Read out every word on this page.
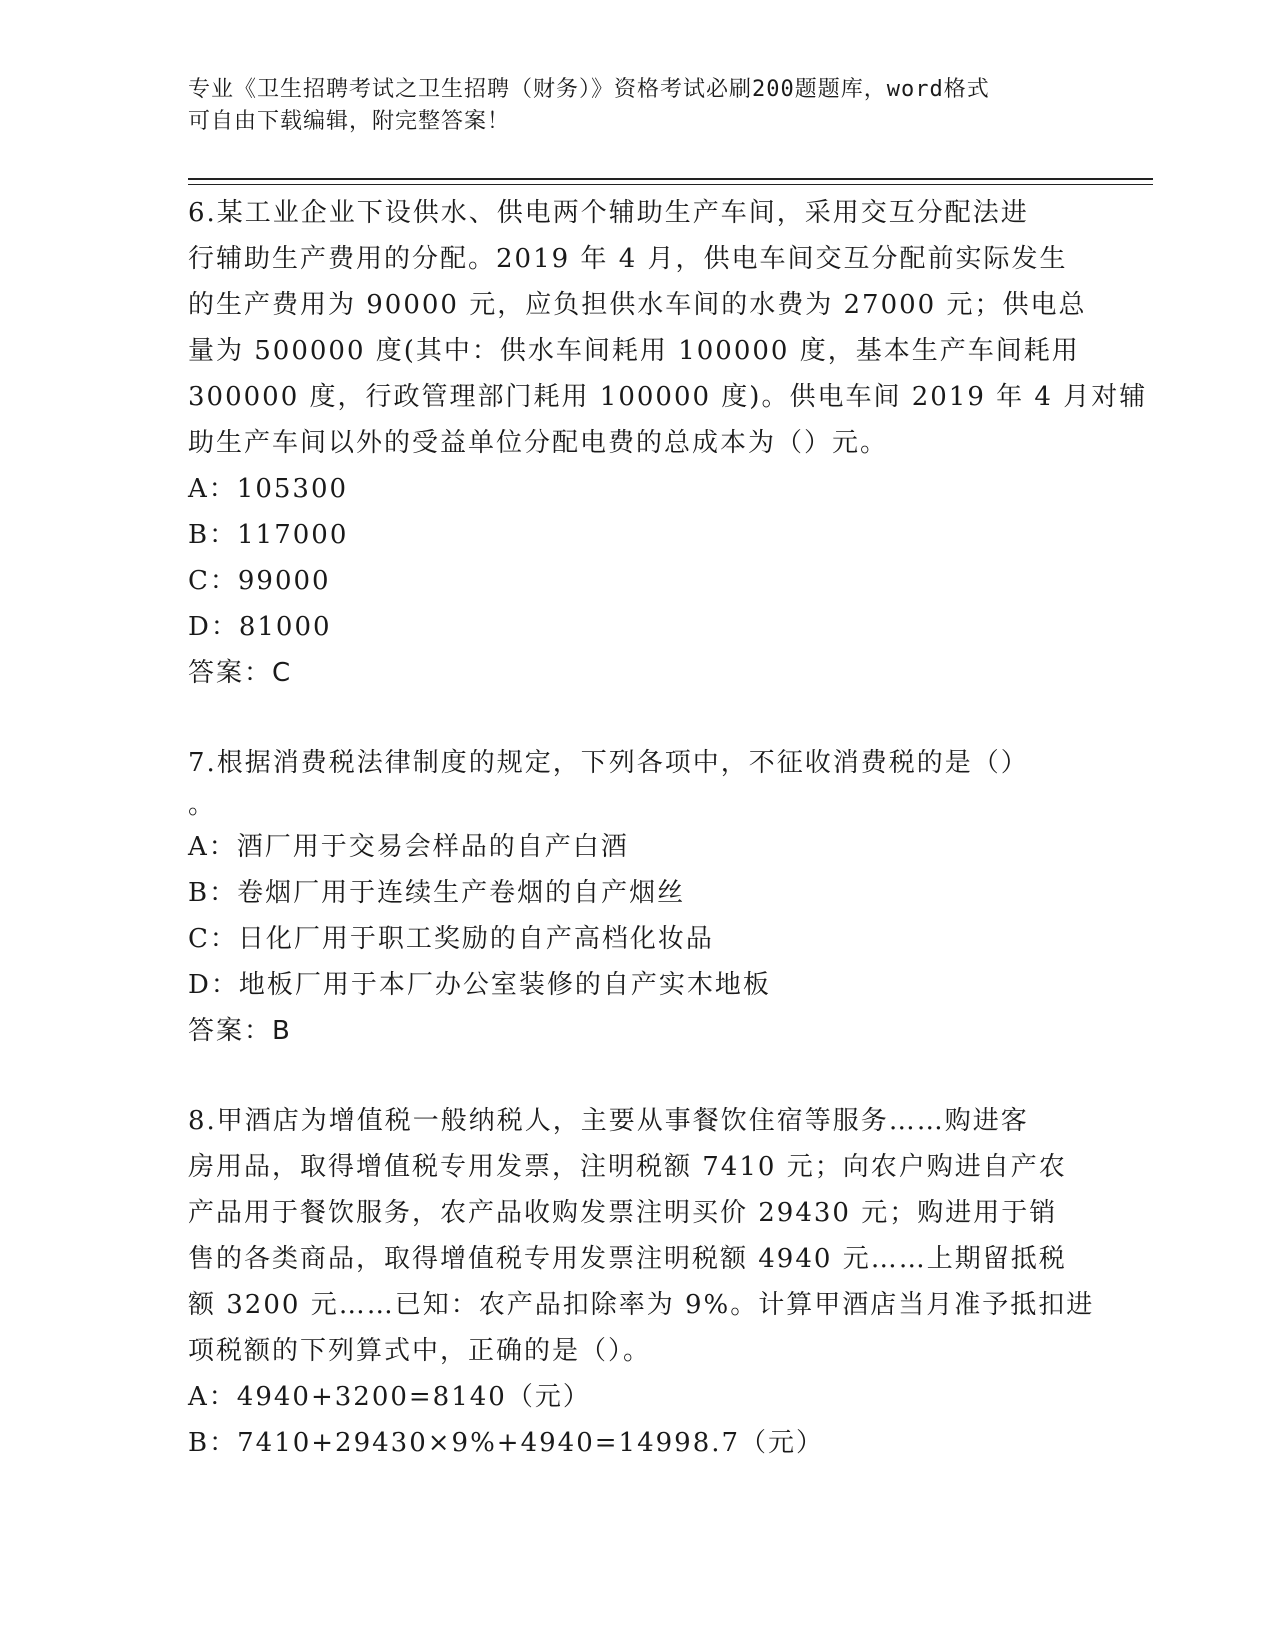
专业《卫生招聘考试之卫生招聘（财务）》资格考试必刷200题题库，word格式
可自由下载编辑，附完整答案！
6.某工业企业下设供水、供电两个辅助生产车间，采用交互分配法进
行辅助生产费用的分配。2019 年 4 月，供电车间交互分配前实际发生
的生产费用为 90000 元，应负担供水车间的水费为 27000 元；供电总
量为 500000 度(其中：供水车间耗用 100000 度，基本生产车间耗用
300000 度，行政管理部门耗用 100000 度)。供电车间 2019 年 4 月对辅
助生产车间以外的受益单位分配电费的总成本为（）元。
A：105300
B：117000
C：99000
D：81000
答案：C
7.根据消费税法律制度的规定，下列各项中，不征收消费税的是（）
。
A：酒厂用于交易会样品的自产白酒
B：卷烟厂用于连续生产卷烟的自产烟丝
C：日化厂用于职工奖励的自产高档化妆品
D：地板厂用于本厂办公室装修的自产实木地板
答案：B
8.甲酒店为增值税一般纳税人，主要从事餐饮住宿等服务……购进客
房用品，取得增值税专用发票，注明税额 7410 元；向农户购进自产农
产品用于餐饮服务，农产品收购发票注明买价 29430 元；购进用于销
售的各类商品，取得增值税专用发票注明税额 4940 元……上期留抵税
额 3200 元……已知：农产品扣除率为 9%。计算甲酒店当月准予抵扣进
项税额的下列算式中，正确的是（）。
A：4940+3200=8140（元）
B：7410+29430×9%+4940=14998.7（元）
